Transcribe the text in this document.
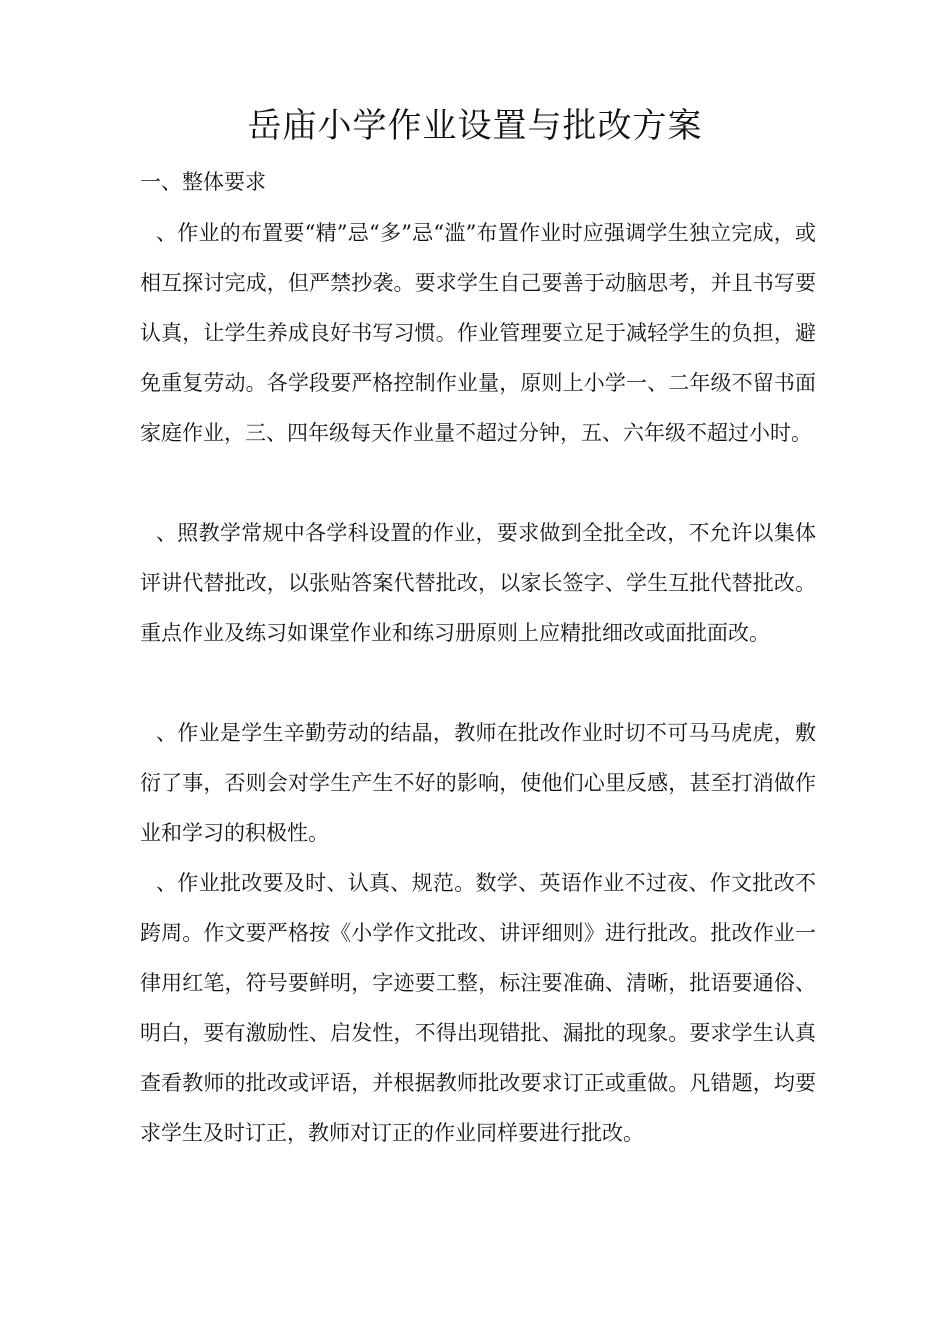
岳庙小学作业设置与批改方案
一、整体要求

、作业的布置要“精”忌“多”忌“滥”布置作业时应强调学生独立完成，或相互探讨完成，但严禁抄袭。要求学生自己要善于动脑思考，并且书写要认真，让学生养成良好书写习惯。作业管理要立足于减轻学生的负担，避免重复劳动。各学段要严格控制作业量，原则上小学一、二年级不留书面家庭作业，三、四年级每天作业量不超过分钟，五、六年级不超过小时。

、照教学常规中各学科设置的作业，要求做到全批全改，不允许以集体评讲代替批改，以张贴答案代替批改，以家长签字、学生互批代替批改。重点作业及练习如课堂作业和练习册原则上应精批细改或面批面改。

、作业是学生辛勤劳动的结晶，教师在批改作业时切不可马马虎虎，敷衍了事，否则会对学生产生不好的影响，使他们心里反感，甚至打消做作业和学习的积极性。

、作业批改要及时、认真、规范。数学、英语作业不过夜、作文批改不跨周。作文要严格按《小学作文批改、讲评细则》进行批改。批改作业一律用红笔，符号要鲜明，字迹要工整，标注要准确、清晰，批语要通俗、明白，要有激励性、启发性，不得出现错批、漏批的现象。要求学生认真查看教师的批改或评语，并根据教师批改要求订正或重做。凡错题，均要求学生及时订正，教师对订正的作业同样要进行批改。
